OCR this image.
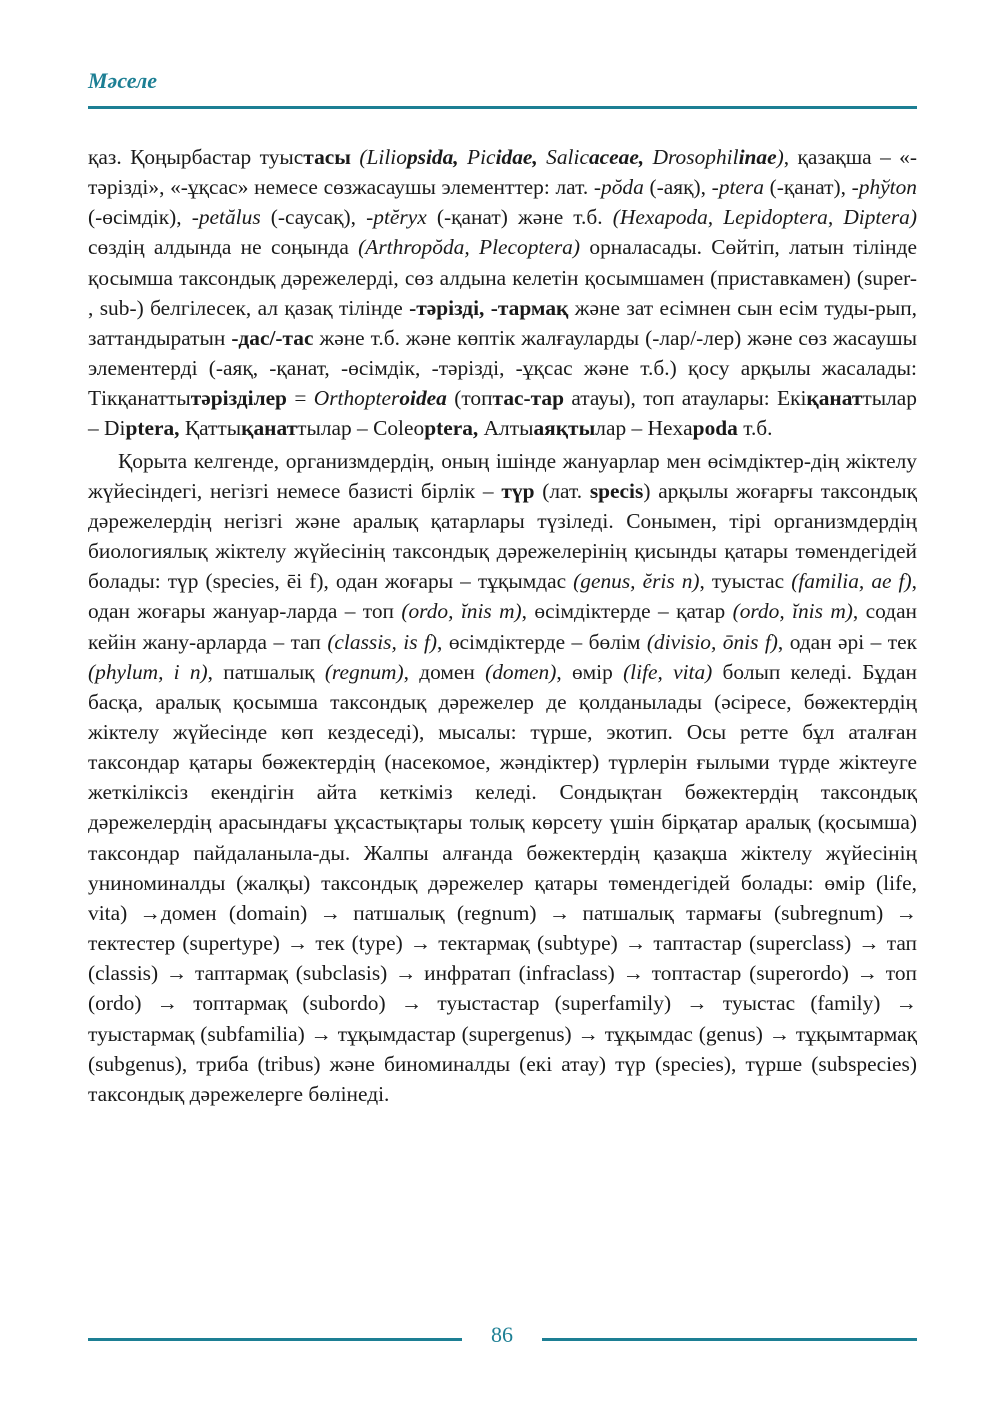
Мәселе

қаз. Қоңырбастар туыстасы (Liliopsida, Picidae, Salicaceae, Drosophilinae), қазақша – «-тәрізді», «-ұқсас» немесе сөзжасаушы элементтер: лат. -pŏda (-аяқ), -ptera (-қанат), -phўton (-өсімдік), -petălus (-саусақ), -ptĕryx (-қанат) және т.б. (Hexapoda, Lepidoptera, Diptera) сөздің алдында не соңында (Arthropŏda, Plecoptera) орналасады. Сөйтіп, латын тілінде қосымша таксондық дәрежелерді, сөз алдына келетін қосымшамен (приставкамен) (super- , sub-) белгілесек, ал қазақ тілінде -тәрізді, -тармақ және зат есімнен сын есім туды-рып, заттандыратын -дас/-тас және т.б. және көптік жалғауларды (-лар/-лер) және сөз жасаушы элементерді (-аяқ, -қанат, -өсімдік, -тәрізді, -ұқсас және т.б.) қосу арқылы жасалады: Тікқанаттытәрізділер = Orthopteroidea (топтас-тар атауы), топ атаулары: Екіқанаттылар – Diptera, Қаттықанаттылар – Coleoptera, Алтыаяқтылар – Нexapoda т.б.

Қорыта келгенде, организмдердің, оның ішінде жануарлар мен өсімдіктер-дің жіктелу жүйесіндегі, негізгі немесе базисті бірлік – түр (лат. specis) арқылы жоғарғы таксондық дәрежелердің негізгі және аралық қатарлары түзіледі. Сонымен, тірі организмдердің биологиялық жіктелу жүйесінің таксондық дәрежелерінің қисынды қатары төмендегідей болады: түр (species, ēi f), одан жоғары – тұқымдас (genus, ĕris n), туыстас (familia, ae f), одан жоғары жануар-ларда – топ (ordo, ĭnis m), өсімдіктерде – қатар (ordo, ĭnis m), содан кейін жану-арларда – тап (classis, is f), өсімдіктерде – бөлім (divisio, ōnis f), одан әрі – тек (phylum, i n), патшалық (regnum), домен (domen), өмір (life, vita) болып келеді. Бұдан басқа, аралық қосымша таксондық дәрежелер де қолданылады (әсіресе, бөжектердің жіктелу жүйесінде көп кездеседі), мысалы: түрше, экотип. Осы ретте бұл аталған таксондар қатары бөжектердің (насекомое, жәндіктер) түрлерін ғылыми түрде жіктеуге жеткіліксіз екендігін айта кеткіміз келеді. Сондықтан бөжектердің таксондық дәрежелердің арасындағы ұқсастықтары толық көрсету үшін бірқатар аралық (қосымша) таксондар пайдаланыла-ды. Жалпы алғанда бөжектердің қазақша жіктелу жүйесінің униноминалды (жалқы) таксондық дәрежелер қатары төмендегідей болады: өмір (life, vita) →домен (domain) → патшалық (regnum) → патшалық тармағы (subregnum) → тектестер (supertype) → тек (type) → тектармақ (subtype) → таптастар (superclass) → тап (classis) → таптармақ (subclasis) → инфратап (infraclass) → топтастар (superordo) → топ (ordo) → топтармақ (subordo) → туыстастар (superfamily) → туыстас (family) → туыстармақ (subfamilia) → тұқымдастар (supergenus) → тұқымдас (genus) → тұқымтармақ (subgenus), триба (tribus) және биноминалды (екі атау) түр (species), түрше (subspecies) таксондық дәрежелерге бөлінеді.

86
